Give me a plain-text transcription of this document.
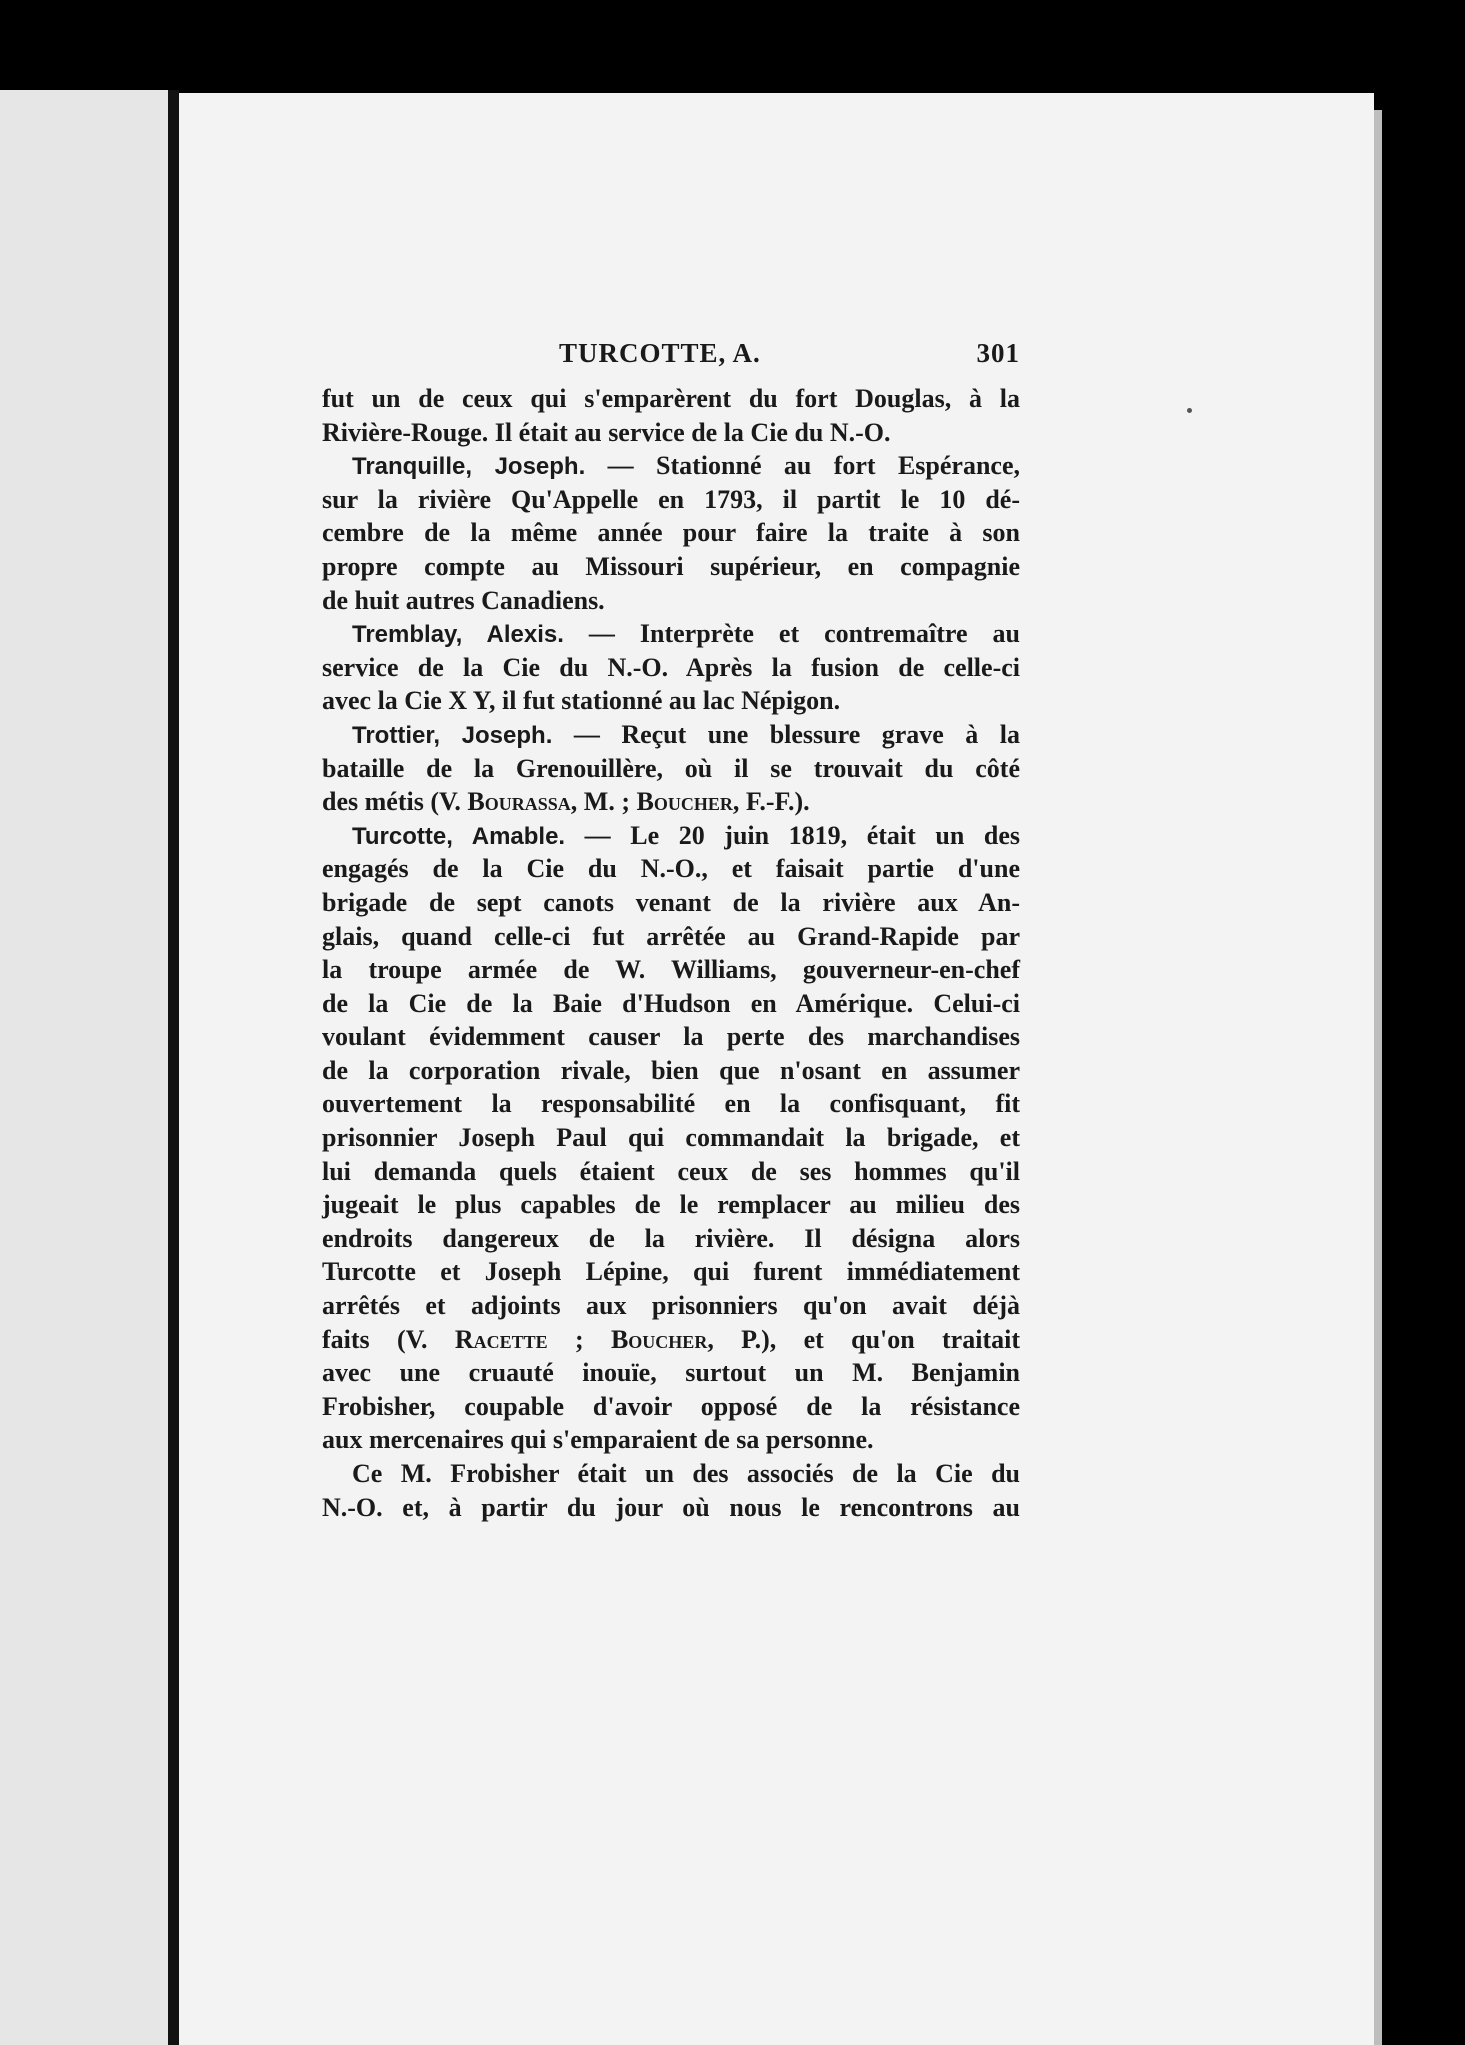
TURCOTTE, A.	301
fut un de ceux qui s'emparèrent du fort Douglas, à la
Rivière-Rouge. Il était au service de la Cie du N.-O.
Tranquille, Joseph. — Stationné au fort Espérance,
sur la rivière Qu'Appelle en 1793, il partit le 10 dé-
cembre de la même année pour faire la traite à son
propre compte au Missouri supérieur, en compagnie
de huit autres Canadiens.
Tremblay, Alexis. — Interprète et contremaître au
service de la Cie du N.-O. Après la fusion de celle-ci
avec la Cie X Y, il fut stationné au lac Népigon.
Trottier, Joseph. — Reçut une blessure grave à la
bataille de la Grenouillère, où il se trouvait du côté
des métis (V. Bourassa, M. ; Boucher, F.-F.).
Turcotte, Amable. — Le 20 juin 1819, était un des
engagés de la Cie du N.-O., et faisait partie d'une
brigade de sept canots venant de la rivière aux An-
glais, quand celle-ci fut arrêtée au Grand-Rapide par
la troupe armée de W. Williams, gouverneur-en-chef
de la Cie de la Baie d'Hudson en Amérique. Celui-ci
voulant évidemment causer la perte des marchandises
de la corporation rivale, bien que n'osant en assumer
ouvertement la responsabilité en la confisquant, fit
prisonnier Joseph Paul qui commandait la brigade, et
lui demanda quels étaient ceux de ses hommes qu'il
jugeait le plus capables de le remplacer au milieu des
endroits dangereux de la rivière. Il désigna alors
Turcotte et Joseph Lépine, qui furent immédiatement
arrêtés et adjoints aux prisonniers qu'on avait déjà
faits (V. Racette ; Boucher, P.), et qu'on traitait
avec une cruauté inouïe, surtout un M. Benjamin
Frobisher, coupable d'avoir opposé de la résistance
aux mercenaires qui s'emparaient de sa personne.
Ce M. Frobisher était un des associés de la Cie du
N.-O. et, à partir du jour où nous le rencontrons au
